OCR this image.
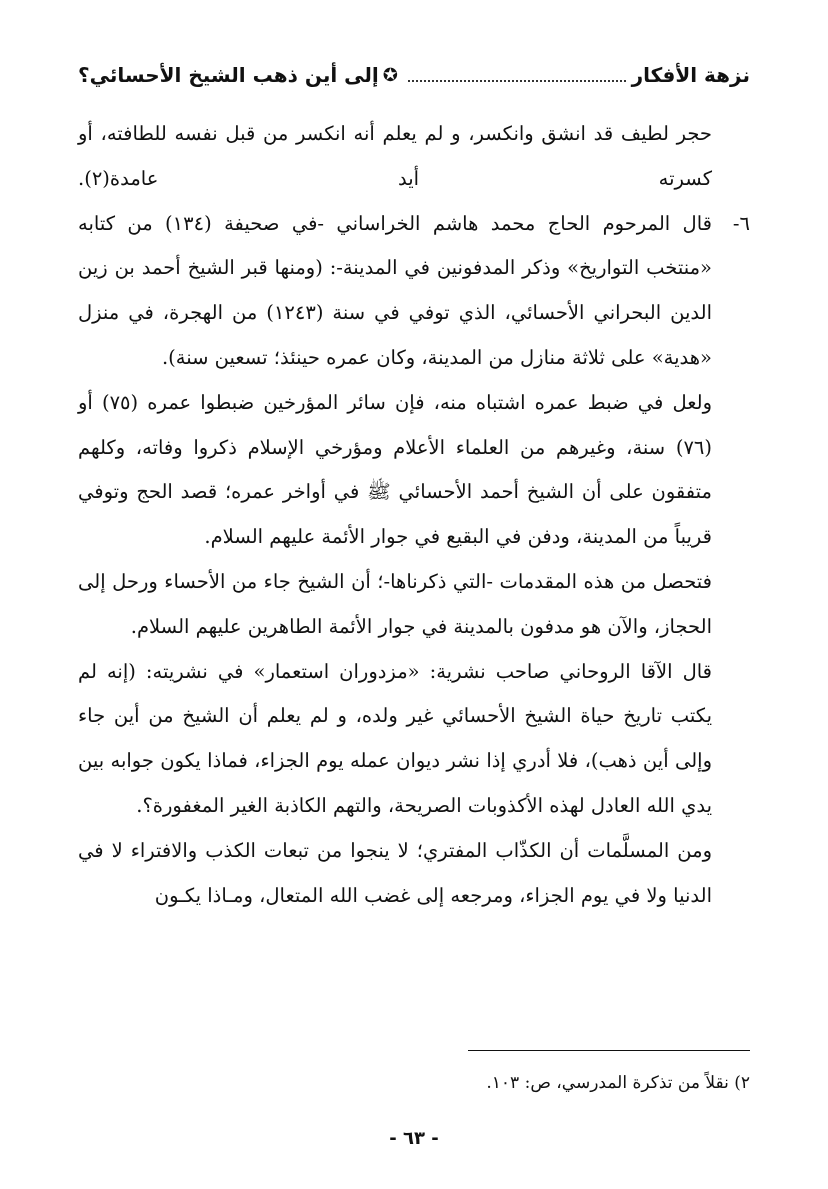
نزهة الأفكار
✪
إلى أين ذهب الشيخ الأحسائي؟

حجر لطيف قد انشق وانكسر، و لم يعلم أنه انكسر من قبل نفسه للطافته، أو كسرته أيد عامدة(٢).

٦-

قال المرحوم الحاج محمد هاشم الخراساني -في صحيفة (١٣٤) من كتابه «منتخب التواريخ» وذكر المدفونين في المدينة-: (ومنها قبر الشيخ أحمد بن زين الدين البحراني الأحسائي، الذي توفي في سنة (١٢٤٣) من الهجرة، في منزل «هدية» على ثلاثة منازل من المدينة، وكان عمره حينئذ؛ تسعين سنة).

ولعل في ضبط عمره اشتباه منه، فإن سائر المؤرخين ضبطوا عمره (٧٥) أو (٧٦) سنة، وغيرهم من العلماء الأعلام ومؤرخي الإسلام ذكروا وفاته، وكلهم متفقون على أن الشيخ أحمد الأحسائي ﷺ في أواخر عمره؛ قصد الحج وتوفي قريباً من المدينة، ودفن في البقيع في جوار الأئمة عليهم السلام.

فتحصل من هذه المقدمات -التي ذكرناها-؛ أن الشيخ جاء من الأحساء ورحل إلى الحجاز، والآن هو مدفون بالمدينة في جوار الأئمة الطاهرين عليهم السلام.

قال الآقا الروحاني صاحب نشرية: «مزدوران استعمار» في نشريته: (إنه لم يكتب تاريخ حياة الشيخ الأحسائي غير ولده، و لم يعلم أن الشيخ من أين جاء وإلى أين ذهب)، فلا أدري إذا نشر ديوان عمله يوم الجزاء، فماذا يكون جوابه بين يدي الله العادل لهذه الأكذوبات الصريحة، والتهم الكاذبة الغير المغفورة؟.

ومن المسلَّمات أن الكذّاب المفتري؛ لا ينجوا من تبعات الكذب والافتراء لا في الدنيا ولا في يوم الجزاء، ومرجعه إلى غضب الله المتعال، ومـاذا يكـون

٢) نقلاً من تذكرة المدرسي، ص: ١٠٣.
- ٦٣ -
